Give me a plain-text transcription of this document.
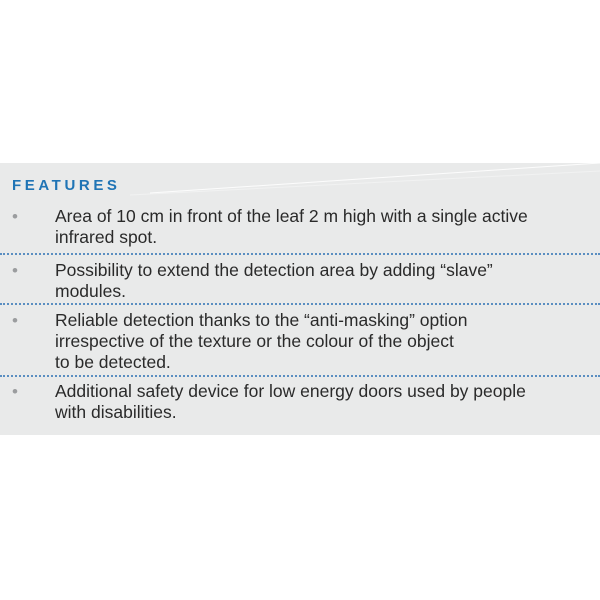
FEATURES
• Area of 10 cm in front of the leaf 2 m high with a single active
infrared spot.
• Possibility to extend the detection area by adding “slave”
modules.
• Reliable detection thanks to the “anti-masking” option
irrespective of the texture or the colour of the object
to be detected.
• Additional safety device for low energy doors used by people
with disabilities.
